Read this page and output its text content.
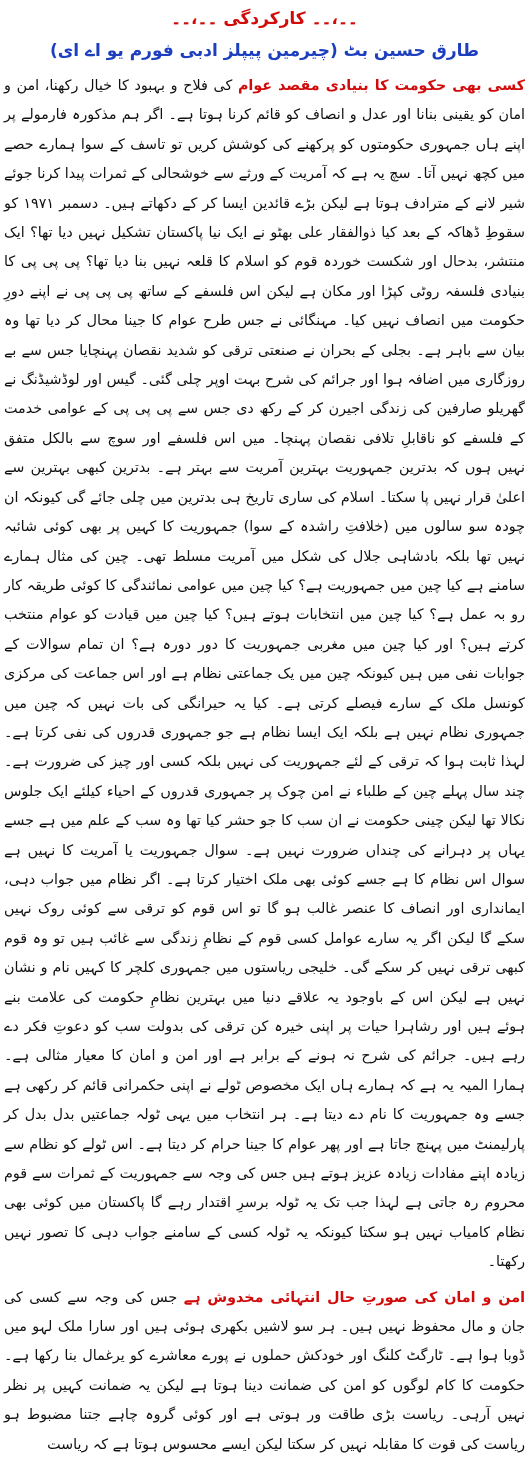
۔۔،۔۔ کارکردگی ۔۔،۔۔
طارق حسین بٹ (چیرمین پیپلز ادبی فورم یو اے ای)

کسی بھی حکومت کا بنیادی مقصد عوام کی فلاح و بہبود کا خیال رکھنا، امن و امان کو یقینی بنانا اور عدل و انصاف کو قائم کرنا ہوتا ہے۔ اگر ہم مذکورہ فارمولے پر اپنے ہاں جمہوری حکومتوں کو پرکھنے کی کوشش کریں تو تاسف کے سوا ہمارے حصے میں کچھ نہیں آتا۔ سچ یہ ہے کہ آمریت کے ورثے سے خوشحالی کے ثمرات پیدا کرنا جوئے شیر لانے کے مترادف ہوتا ہے لیکن بڑے قائدین ایسا کر کے دکھاتے ہیں۔ دسمبر ۱۹۷۱ کو سقوطِ ڈھاکہ کے بعد کیا ذوالفقار علی بھٹو نے ایک نیا پاکستان تشکیل نہیں دیا تھا؟ ایک منتشر، بدحال اور شکست خوردہ قوم کو اسلام کا قلعہ نہیں بنا دیا تھا؟ پی پی پی کا بنیادی فلسفہ روٹی کپڑا اور مکان ہے لیکن اس فلسفے کے ساتھ پی پی پی نے اپنے دورِ حکومت میں انصاف نہیں کیا۔ مہنگائی نے جس طرح عوام کا جینا محال کر دیا تھا وہ بیان سے باہر ہے۔ بجلی کے بحران نے صنعتی ترقی کو شدید نقصان پہنچایا جس سے بے روزگاری میں اضافہ ہوا اور جرائم کی شرح بہت اوپر چلی گئی۔ گیس اور لوڈشیڈنگ نے گھریلو صارفین کی زندگی اجیرن کر کے رکھ دی جس سے پی پی پی کے عوامی خدمت کے فلسفے کو ناقابلِ تلافی نقصان پہنچا۔ میں اس فلسفے اور سوچ سے بالکل متفق نہیں ہوں کہ بدترین جمہوریت بہترین آمریت سے بہتر ہے۔ بدترین کبھی بہترین سے اعلیٰ قرار نہیں پا سکتا۔ اسلام کی ساری تاریخ ہی بدترین میں چلی جائے گی کیونکہ ان چودہ سو سالوں میں (خلافتِ راشدہ کے سوا) جمہوریت کا کہیں پر بھی کوئی شائبہ نہیں تھا بلکہ بادشاہی جلال کی شکل میں آمریت مسلط تھی۔ چین کی مثال ہمارے سامنے ہے کیا چین میں جمہوریت ہے؟ کیا چین میں عوامی نمائندگی کا کوئی طریقہ کار رو بہ عمل ہے؟ کیا چین میں انتخابات ہوتے ہیں؟ کیا چین میں قیادت کو عوام منتخب کرتے ہیں؟ اور کیا چین میں مغربی جمہوریت کا دور دورہ ہے؟ ان تمام سوالات کے جوابات نفی میں ہیں کیونکہ چین میں یک جماعتی نظام ہے اور اس جماعت کی مرکزی کونسل ملک کے سارے فیصلے کرتی ہے۔ کیا یہ حیرانگی کی بات نہیں کہ چین میں جمہوری نظام نہیں ہے بلکہ ایک ایسا نظام ہے جو جمہوری قدروں کی نفی کرتا ہے۔ لہذا ثابت ہوا کہ ترقی کے لئے جمہوریت کی نہیں بلکہ کسی اور چیز کی ضرورت ہے۔ چند سال پہلے چین کے طلباء نے امن چوک پر جمہوری قدروں کے احیاء کیلئے ایک جلوس نکالا تھا لیکن چینی حکومت نے ان سب کا جو حشر کیا تھا وہ سب کے علم میں ہے جسے یہاں پر دہرانے کی چنداں ضرورت نہیں ہے۔ سوال جمہوریت یا آمریت کا نہیں ہے سوال اس نظام کا ہے جسے کوئی بھی ملک اختیار کرتا ہے۔ اگر نظام میں جواب دہی، ایمانداری اور انصاف کا عنصر غالب ہو گا تو اس قوم کو ترقی سے کوئی روک نہیں سکے گا لیکن اگر یہ سارے عوامل کسی قوم کے نظامِ زندگی سے غائب ہیں تو وہ قوم کبھی ترقی نہیں کر سکے گی۔ خلیجی ریاستوں میں جمہوری کلچر کا کہیں نام و نشان نہیں ہے لیکن اس کے باوجود یہ علاقے دنیا میں بہترین نظامِ حکومت کی علامت بنے ہوئے ہیں اور رشاہرا حیات پر اپنی خیرہ کن ترقی کی بدولت سب کو دعوتِ فکر دے رہے ہیں۔ جرائم کی شرح نہ ہونے کے برابر ہے اور امن و امان کا معیار مثالی ہے۔ ہمارا المیہ یہ ہے کہ ہمارے ہاں ایک مخصوص ٹولے نے اپنی حکمرانی قائم کر رکھی ہے جسے وہ جمہوریت کا نام دے دیتا ہے۔ ہر انتخاب میں یہی ٹولہ جماعتیں بدل بدل کر پارلیمنٹ میں پہنچ جاتا ہے اور پھر عوام کا جینا حرام کر دیتا ہے۔ اس ٹولے کو نظام سے زیادہ اپنے مفادات زیادہ عزیز ہوتے ہیں جس کی وجہ سے جمہوریت کے ثمرات سے قوم محروم رہ جاتی ہے لہذا جب تک یہ ٹولہ برسرِ اقتدار رہے گا پاکستان میں کوئی بھی نظام کامیاب نہیں ہو سکتا کیونکہ یہ ٹولہ کسی کے سامنے جواب دہی کا تصور نہیں رکھتا۔

امن و امان کی صورتِ حال انتہائی مخدوش ہے جس کی وجہ سے کسی کی جان و مال محفوظ نہیں ہیں۔ ہر سو لاشیں بکھری ہوئی ہیں اور سارا ملک لہو میں ڈوبا ہوا ہے۔ ٹارگٹ کلنگ اور خودکش حملوں نے پورے معاشرے کو یرغمال بنا رکھا ہے۔ حکومت کا کام لوگوں کو امن کی ضمانت دینا ہوتا ہے لیکن یہ ضمانت کہیں پر نظر نہیں آرہی۔ ریاست بڑی طاقت ور ہوتی ہے اور کوئی گروہ چاہے جتنا مضبوط ہو ریاست کی قوت کا مقابلہ نہیں کر سکتا لیکن ایسے محسوس ہوتا ہے کہ ریاست
